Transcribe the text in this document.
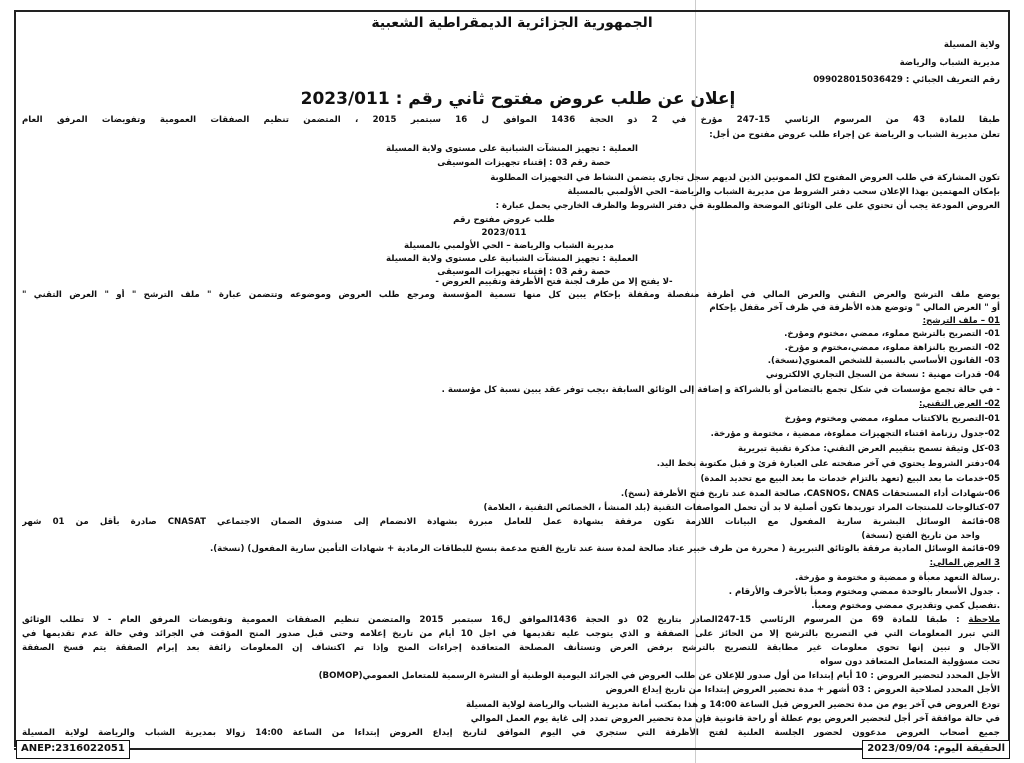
الجمهورية الجزائرية الديمقراطية الشعبية
ولاية المسيلة
مديرية الشباب والرياضة
رقم التعريف الجبائي : 099028015036429
إعلان عن طلب عروض مفتوح ثاني رقم : 2023/011
طبقا للمادة 43 من المرسوم الرئاسي 15-247 مؤرخ في 2 ذو الحجة 1436 الموافق ل 16 سبتمبر 2015 ، المتضمن تنظيم الصفقات العمومية وتفويضات المرفق العام
تعلن مديرية الشباب و الرياضة عن إجراء طلب عروض مفتوح من أجل:
العملية : تجهيز المنشآت الشبانية على مستوى ولاية المسيلة
حصة رقم 03 : إقتناء تجهيزات الموسيقى
تكون المشاركة في طلب العروض المفتوح لكل الممونين الذين لديهم سجل تجاري يتضمن النشاط في التجهيزات المطلوبة
بإمكان المهتمين بهذا الإعلان سحب دفتر الشروط من مديرية الشباب والرياضة– الحي الأولمبي بالمسيلة
العروض المودعة يجب أن تحتوي على على الوثائق الموضحة والمطلوبة في دفتر الشروط والظرف الخارجي يحمل عبارة :
طلب عروض مفتوح رقم
2023/011
مديرية الشباب والرياضة – الحي الأولمبي بالمسيلة
العملية : تجهيز المنشآت الشبانية على مستوى ولاية المسيلة
حصة رقم 03 : إقتناء تجهيزات الموسيقى
-لا يفتح إلا من طرف لجنة فتح الأظرفة وتقييم العروض -
يوضع ملف الترشح والعرض التقني والعرض المالي في أظرفة منفصلة ومقفلة بإحكام يبين كل منها تسمية المؤسسة ومرجع طلب العروض وموضوعه وتتضمن عبارة " ملف الترشح " أو " العرض التقني "
أو " العرض المالي " وتوضع هذه الأظرفة في ظرف آخر مقفل بإحكام
01 – ملف الترشح:
01- التصريح بالترشح مملوء، ممضي ،مختوم ومؤرخ.
02- التصريح بالنزاهة مملوء، ممضي،مختوم و مؤرخ.
03- القانون الأساسي بالنسبة للشخص المعنوي(نسخة).
04- قدرات مهنية : نسخة من السجل التجاري الالكتروني
- في حالة تجمع مؤسسات في شكل تجمع بالتضامن أو بالشراكة و إضافة إلى الوثائق السابقة ،يجب توفر عقد يبين نسبة كل مؤسسة .
02- العرض التقني:
01-التصريح بالاكتتاب مملوء، ممضي ومختوم ومؤرخ
02-جدول رزنامة اقتناء التجهيزات مملوءة، ممضية ، مختومة و مؤرخة.
03-كل وثيقة تسمح بتقييم العرض التقني: مذكرة تقنية تبريرية
04-دفتر الشروط يحتوي في آخر صفحته على العبارة قرئ و قبل مكتوبة بخط اليد.
05-خدمات ما بعد البيع (تعهد بالتزام خدمات ما بعد البيع مع تحديد المدة)
06-شهادات أداء المستحقات CASNOS، CNAS، صالحة المدة عند تاريخ فتح الأظرفة (نسخ).
07-كتالوجات للمنتجات المراد توريدها تكون أصلية لا بد أن تحمل المواصفات التقنية (بلد المنشأ ، الخصائص التقنية ، العلامة)
08-قائمة الوسائل البشرية سارية المفعول مع البيانات اللازمة تكون مرفقة بشهادة عمل للعامل مبررة بشهادة الانضمام إلى صندوق الضمان الاجتماعي CNASAT صادرة بأقل من 01 شهر
واحد من تاريخ الفتح (نسخة)
09-قائمة الوسائل المادية مرفقة بالوثائق التبريرية ( محررة من طرف خبير عتاد صالحة لمدة سنة عند تاريخ الفتح مدعمة بنسخ للبطاقات الرمادية + شهادات التأمين سارية المفعول) (نسخة).
3 العرض المالي:
.رسالة التعهد معبأة و ممضية و مختومة و مؤرخة.
. جدول الأسعار بالوحدة ممضي ومختوم ومعبأ بالأحرف والأرقام .
.تفصيل كمي وتقديري ممضي ومختوم ومعبأ.
ملاحظة : طبقا للمادة 69 من المرسوم الرئاسي 15-247الصادر بتاريخ 02 ذو الحجة 1436الموافق ل16 سبتمبر 2015 والمتضمن تنظيم الصفقات العمومية وتفويضات المرفق العام - لا تطلب الوثائق
التي تبرر المعلومات التي في التصريح بالترشح إلا من الحائز على الصفقة و الذي يتوجب عليه تقديمها في اجل 10 أيام من تاريخ إعلامه وحتى قبل صدور المنح المؤقت في الجرائد وفي حالة عدم تقديمها في
الآجال و تبين إنها تحوي معلومات غير مطابقة للتصريح بالترشح برفض العرض وتستأنف المصلحة المتعاقدة إجراءات المنح وإذا تم اكتشاف إن المعلومات زائفة بعد إبرام الصفقة يتم فسخ الصفقة
تحت مسؤولية المتعامل المتعاقد دون سواه
الأجل المحدد لتحضير العروض : 10 أيام إبتداءا من أول صدور للإعلان عن طلب العروض في الجرائد اليومية الوطنية أو النشرة الرسمية للمتعامل العمومي(BOMOP)
الأجل المحدد لصلاحية العروض : 03 أشهر + مدة تحضير العروض إبتداءا من تاريخ إيداع العروض
تودع العروض في آخر يوم من مدة تحضير العروض قبل الساعة 14:00 و هذا بمكتب أمانة مديرية الشباب والرياضة لولاية المسيلة
في حالة موافقة آخر أجل لتحضير العروض يوم عطلة أو راحة قانونية فإن مدة تحضير العروض تمدد إلى غاية يوم العمل الموالي
جميع أصحاب العروض مدعوون لحضور الجلسة العلنية لفتح الأظرفة التي ستجري في اليوم الموافق لتاريخ إيداع العروض إبتداءا من الساعة 14:00 زوالا بمديرية الشباب والرياضة لولاية المسيلة
ANEP:2316022051	الحقيقة اليوم: 2023/09/04
